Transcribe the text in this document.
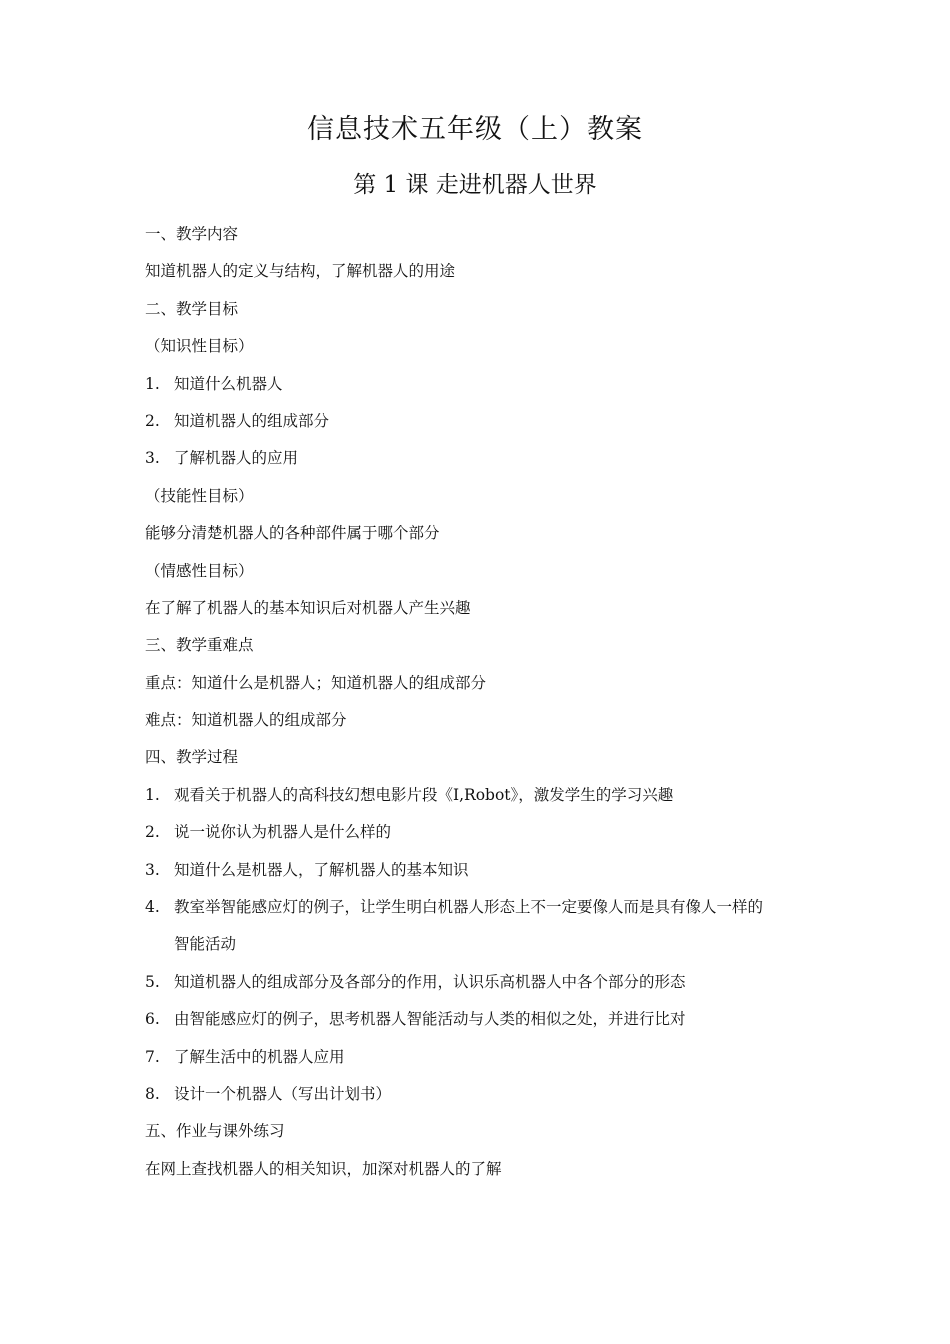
信息技术五年级（上）教案
第 1 课 走进机器人世界
一、教学内容
知道机器人的定义与结构，了解机器人的用途
二、教学目标
（知识性目标）
1. 知道什么机器人
2. 知道机器人的组成部分
3. 了解机器人的应用
（技能性目标）
能够分清楚机器人的各种部件属于哪个部分
（情感性目标）
在了解了机器人的基本知识后对机器人产生兴趣
三、教学重难点
重点：知道什么是机器人；知道机器人的组成部分
难点：知道机器人的组成部分
四、教学过程
1. 观看关于机器人的高科技幻想电影片段《I,Robot》，激发学生的学习兴趣
2. 说一说你认为机器人是什么样的
3. 知道什么是机器人，了解机器人的基本知识
4. 教室举智能感应灯的例子，让学生明白机器人形态上不一定要像人而是具有像人一样的
智能活动
5. 知道机器人的组成部分及各部分的作用，认识乐高机器人中各个部分的形态
6. 由智能感应灯的例子，思考机器人智能活动与人类的相似之处，并进行比对
7. 了解生活中的机器人应用
8. 设计一个机器人（写出计划书）
五、作业与课外练习
在网上查找机器人的相关知识，加深对机器人的了解
